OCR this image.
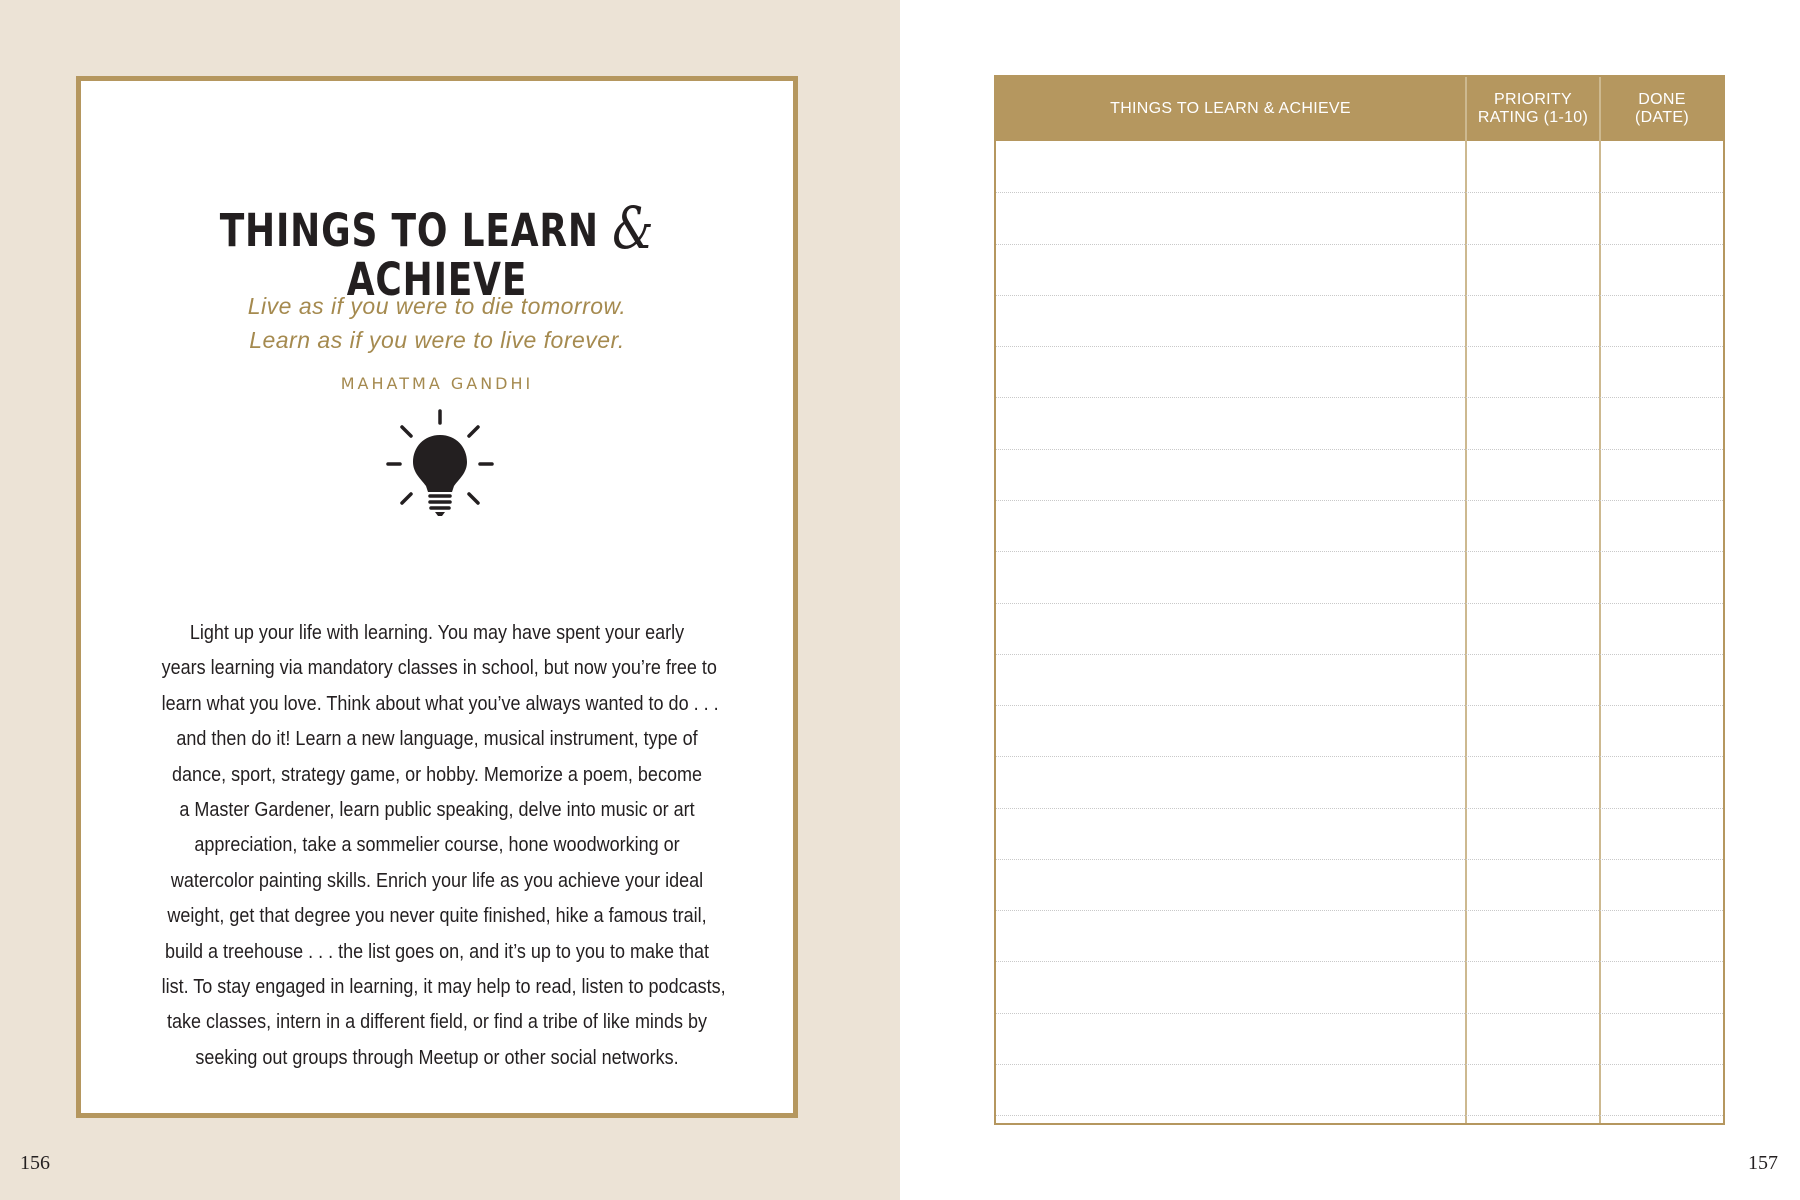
THINGS TO LEARN & ACHIEVE
Live as if you were to die tomorrow.
Learn as if you were to live forever.
MAHATMA GANDHI
Light up your life with learning. You may have spent your early
years learning via mandatory classes in school, but now you’re free to
learn what you love. Think about what you’ve always wanted to do . . .
and then do it! Learn a new language, musical instrument, type of
dance, sport, strategy game, or hobby. Memorize a poem, become
a Master Gardener, learn public speaking, delve into music or art
appreciation, take a sommelier course, hone woodworking or
watercolor painting skills. Enrich your life as you achieve your ideal
weight, get that degree you never quite finished, hike a famous trail,
build a treehouse . . . the list goes on, and it’s up to you to make that
list. To stay engaged in learning, it may help to read, listen to podcasts,
take classes, intern in a different field, or find a tribe of like minds by
seeking out groups through Meetup or other social networks.
156	157
THINGS TO LEARN & ACHIEVE
PRIORITY
RATING (1-10)
DONE
(DATE)
